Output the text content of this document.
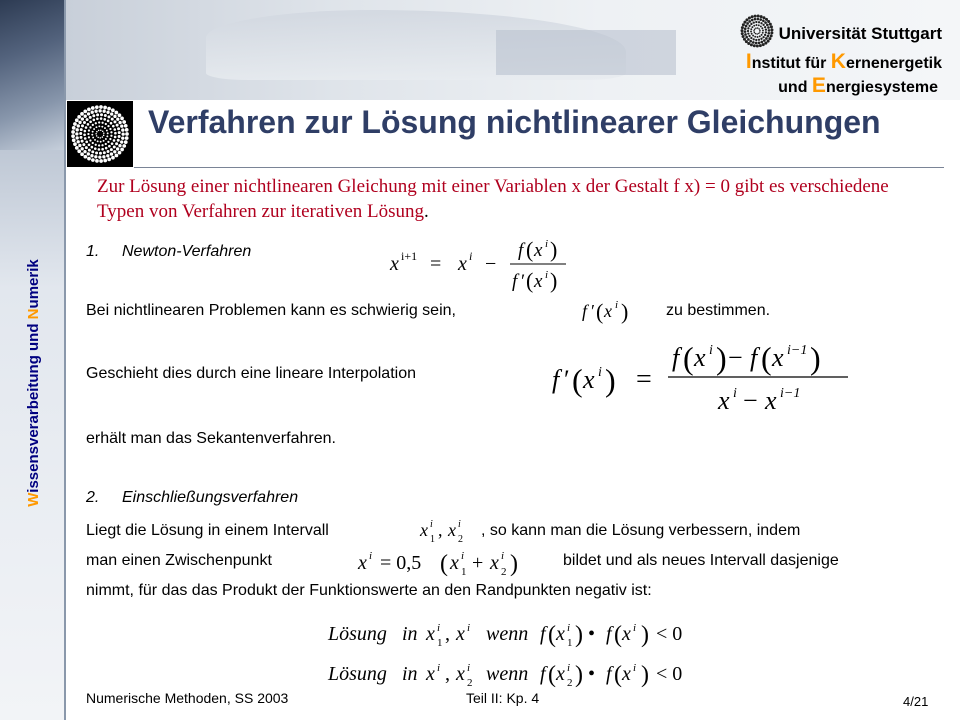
Wissensverarbeitung und Numerik
Universität Stuttgart
Institut für Kernenergetik
und Energiesysteme
Verfahren zur Lösung nichtlinearer Gleichungen
Zur Lösung einer nichtlinearen Gleichung mit einer Variablen x der Gestalt f x) = 0 gibt es verschiedene Typen von Verfahren zur iterativen Lösung.
1. Newton-Verfahren
x i+1 = x i −
f ( x i )
f ′ ( x i )
Bei nichtlinearen Problemen kann es schwierig sein,	f ′ ( x i ) zu bestimmen.
Geschieht dies durch eine lineare Interpolation	f ′ ( x i ) =
f ( x i ) − f ( x i−1 )
x i − x i−1
erhält man das Sekantenverfahren.
2. Einschließungsverfahren
Liegt die Lösung in einem Intervall	x i
1 , x i
2
, so kann man die Lösung verbessern, indem
man einen Zwischenpunkt	x i = 0,5 ( x i
1 + x i
2 )	bildet und als neues Intervall dasjenige
nimmt, für das das Produkt der Funktionswerte an den Randpunkten negativ ist:
Lösung in x i
1 , x i wenn f ( x i
1 ) • f ( x i ) < 0
Lösung in x i , x i
2 wenn f ( x i
2 ) • f ( x i ) < 0
Numerische Methoden, SS 2003	Teil II: Kp. 4	4/21
